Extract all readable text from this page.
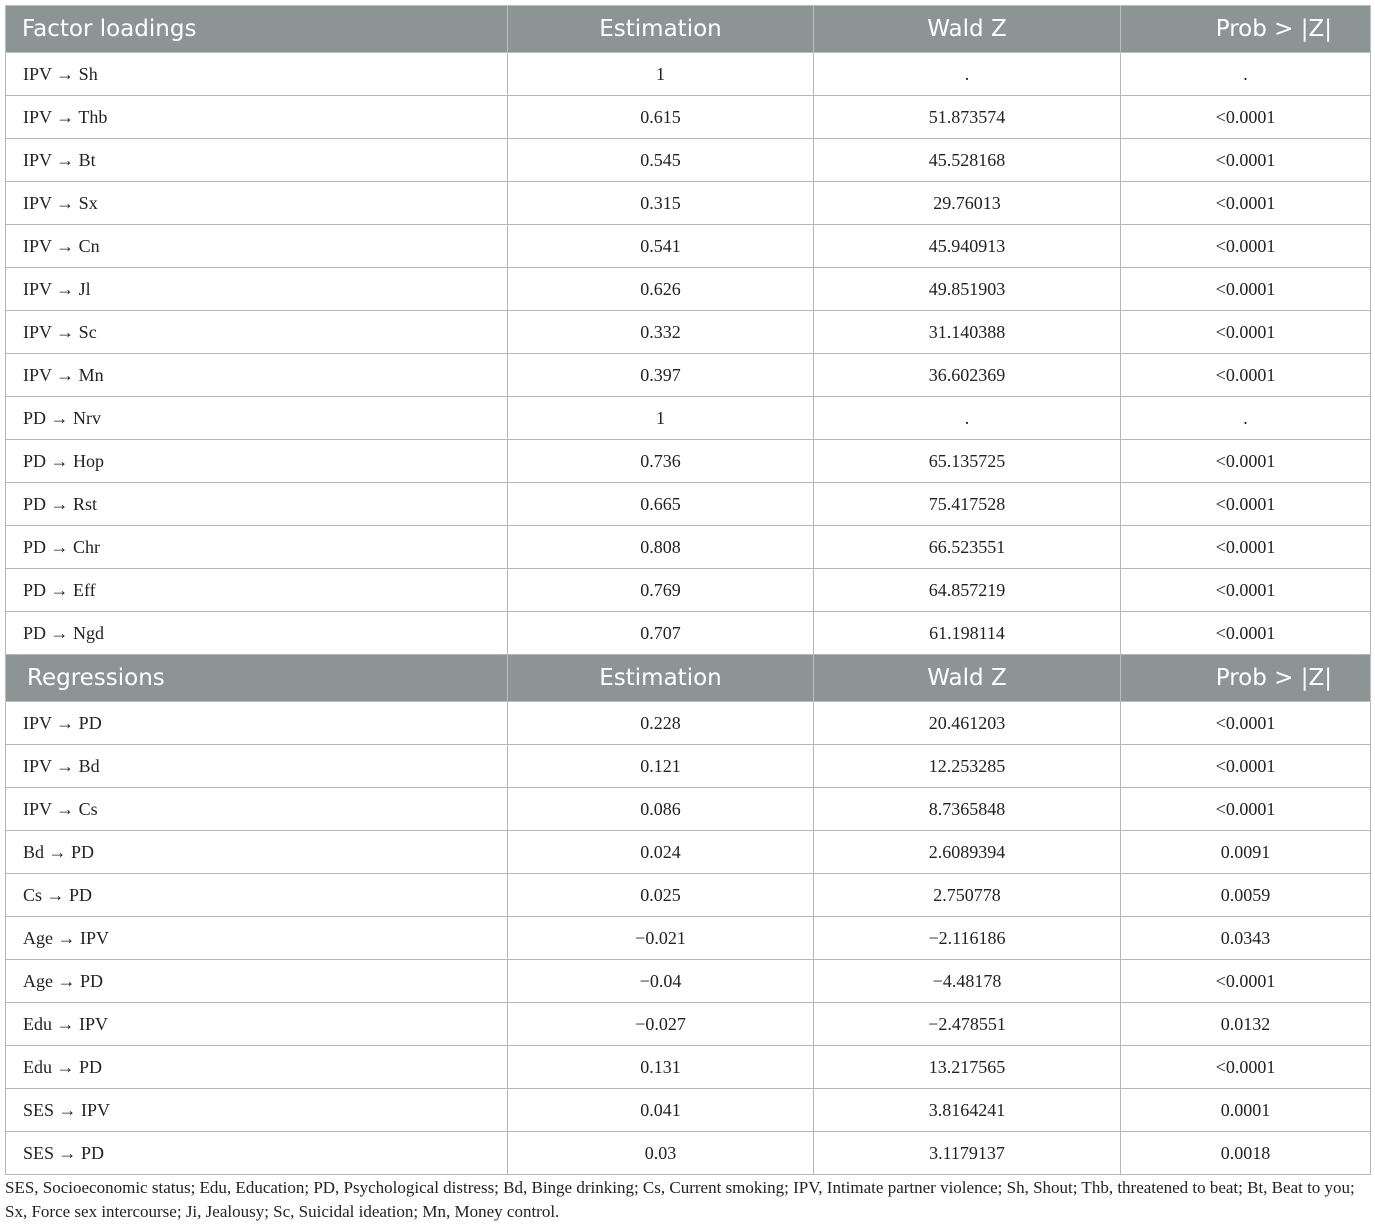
Factor loadings	Estimation	Wald Z	Prob > |Z|
IPV → Sh	1	.	.
IPV → Thb	0.615	51.873574	<0.0001
IPV → Bt	0.545	45.528168	<0.0001
IPV → Sx	0.315	29.76013	<0.0001
IPV → Cn	0.541	45.940913	<0.0001
IPV → Jl	0.626	49.851903	<0.0001
IPV → Sc	0.332	31.140388	<0.0001
IPV → Mn	0.397	36.602369	<0.0001
PD → Nrv	1	.	.
PD → Hop	0.736	65.135725	<0.0001
PD → Rst	0.665	75.417528	<0.0001
PD → Chr	0.808	66.523551	<0.0001
PD → Eff	0.769	64.857219	<0.0001
PD → Ngd	0.707	61.198114	<0.0001
Regressions	Estimation	Wald Z	Prob > |Z|
IPV → PD	0.228	20.461203	<0.0001
IPV → Bd	0.121	12.253285	<0.0001
IPV → Cs	0.086	8.7365848	<0.0001
Bd → PD	0.024	2.6089394	0.0091
Cs → PD	0.025	2.750778	0.0059
Age → IPV	−0.021	−2.116186	0.0343
Age → PD	−0.04	−4.48178	<0.0001
Edu → IPV	−0.027	−2.478551	0.0132
Edu → PD	0.131	13.217565	<0.0001
SES → IPV	0.041	3.8164241	0.0001
SES → PD	0.03	3.1179137	0.0018
SES, Socioeconomic status; Edu, Education; PD, Psychological distress; Bd, Binge drinking; Cs, Current smoking; IPV, Intimate partner violence; Sh, Shout; Thb, threatened to beat; Bt, Beat to you; Sx, Force sex intercourse; Ji, Jealousy; Sc, Suicidal ideation; Mn, Money control.
